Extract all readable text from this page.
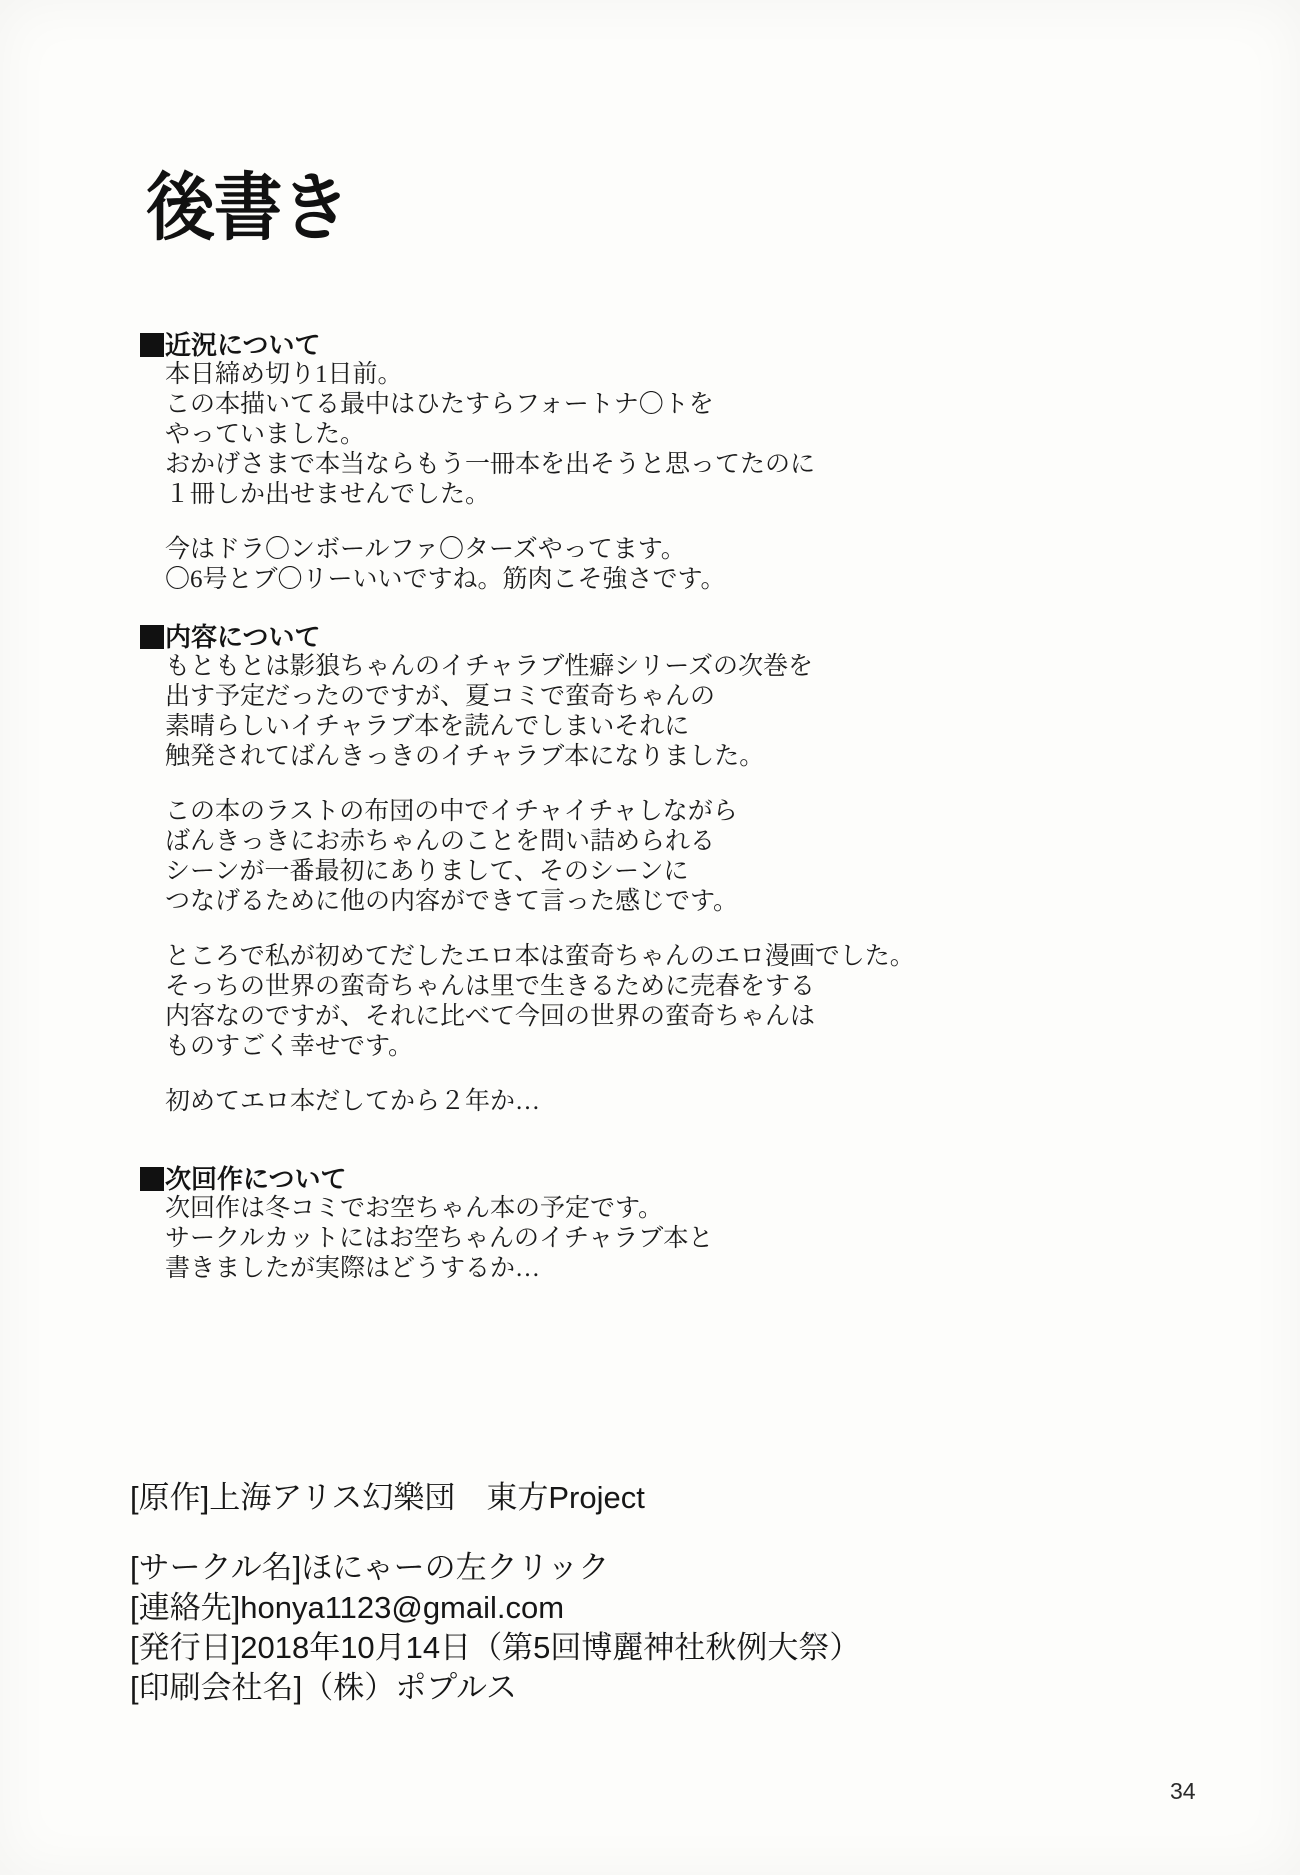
後書き
近況について
本日締め切り1日前。
この本描いてる最中はひたすらフォートナ〇トを
やっていました。
おかげさまで本当ならもう一冊本を出そうと思ってたのに
１冊しか出せませんでした。
今はドラ〇ンボールファ〇ターズやってます。
〇6号とブ〇リーいいですね。筋肉こそ強さです。
内容について
もともとは影狼ちゃんのイチャラブ性癖シリーズの次巻を
出す予定だったのですが、夏コミで蛮奇ちゃんの
素晴らしいイチャラブ本を読んでしまいそれに
触発されてばんきっきのイチャラブ本になりました。
この本のラストの布団の中でイチャイチャしながら
ばんきっきにお赤ちゃんのことを問い詰められる
シーンが一番最初にありまして、そのシーンに
つなげるために他の内容ができて言った感じです。
ところで私が初めてだしたエロ本は蛮奇ちゃんのエロ漫画でした。
そっちの世界の蛮奇ちゃんは里で生きるために売春をする
内容なのですが、それに比べて今回の世界の蛮奇ちゃんは
ものすごく幸せです。
初めてエロ本だしてから２年か…
次回作について
次回作は冬コミでお空ちゃん本の予定です。
サークルカットにはお空ちゃんのイチャラブ本と
書きましたが実際はどうするか…
[原作]上海アリス幻樂団　東方Project
[サークル名]ほにゃーの左クリック
[連絡先]honya1123@gmail.com
[発行日]2018年10月14日（第5回博麗神社秋例大祭）
[印刷会社名]（株）ポプルス
34
